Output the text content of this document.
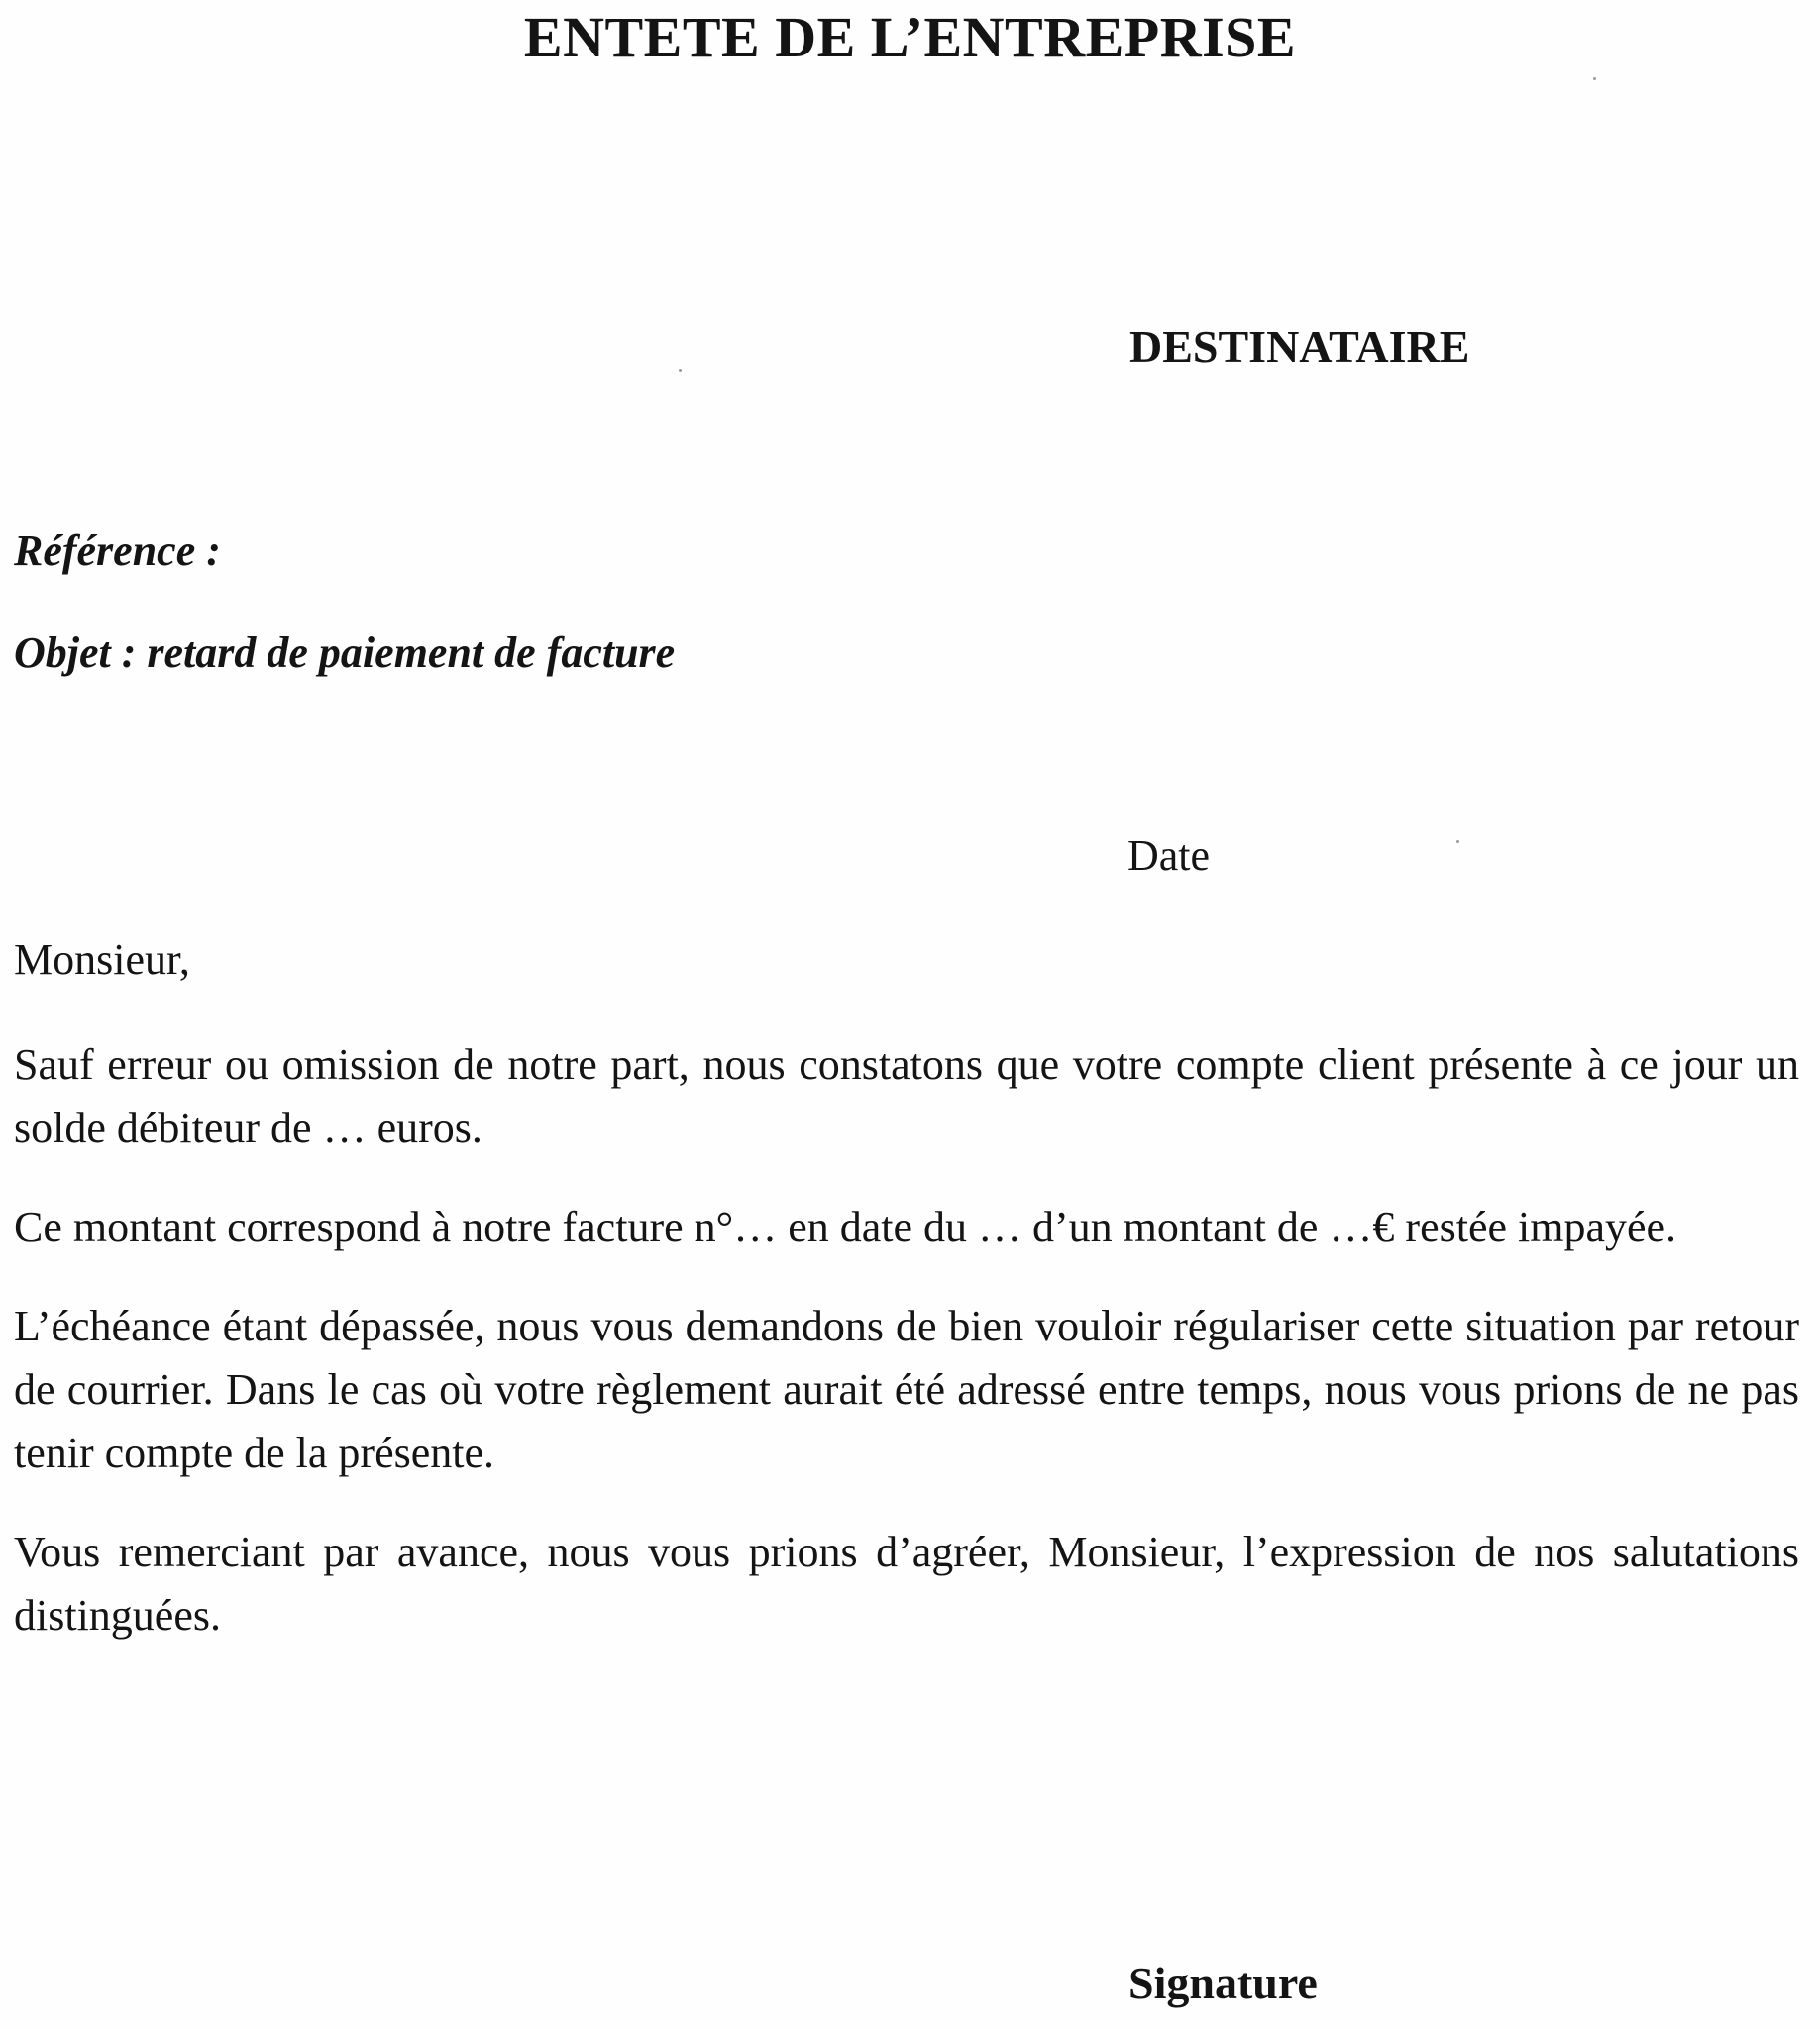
ENTETE DE L’ENTREPRISE
DESTINATAIRE
Référence :
Objet : retard de paiement de facture
Date
Monsieur,

Sauf erreur ou omission de notre part, nous constatons que votre compte client présente à ce jour un solde débiteur de … euros.

Ce montant correspond à notre facture n°… en date du … d’un montant de …€ restée impayée.

L’échéance étant dépassée, nous vous demandons de bien vouloir régulariser cette situation par retour de courrier. Dans le cas où votre règlement aurait été adressé entre temps, nous vous prions de ne pas tenir compte de la présente.

Vous remerciant par avance, nous vous prions d’agréer, Monsieur, l’expression de nos salutations distinguées.

Signature
